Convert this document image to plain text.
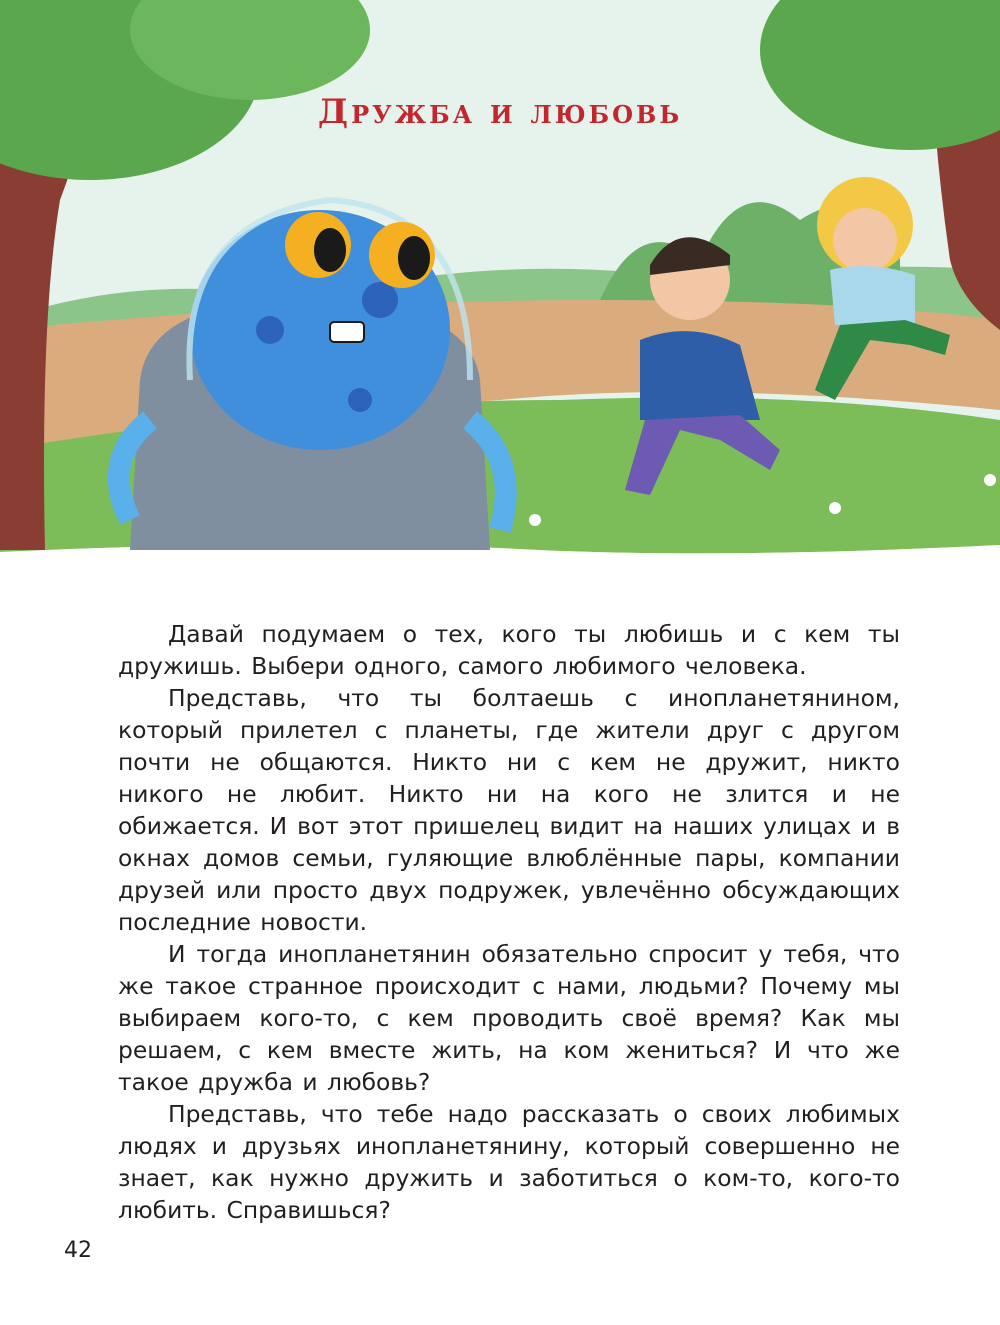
Дружба и любовь

Давай подумаем о тех, кого ты любишь и с кем ты дружишь. Выбери одного, самого любимого человека.

Представь, что ты болтаешь с инопланетянином, который прилетел с планеты, где жители друг с другом почти не общаются. Никто ни с кем не дружит, никто никого не любит. Никто ни на кого не злится и не обижается. И вот этот пришелец видит на наших улицах и в окнах домов семьи, гуляющие влюблённые пары, компании друзей или просто двух подружек, увлечённо обсуждающих последние новости.

И тогда инопланетянин обязательно спросит у тебя, что же такое странное происходит с нами, людьми? Почему мы выбираем кого-то, с кем проводить своё время? Как мы решаем, с кем вместе жить, на ком жениться? И что же такое дружба и любовь?

Представь, что тебе надо рассказать о своих любимых людях и друзьях инопланетянину, который совершенно не знает, как нужно дружить и заботиться о ком-то, кого-то любить. Справишься?

42
